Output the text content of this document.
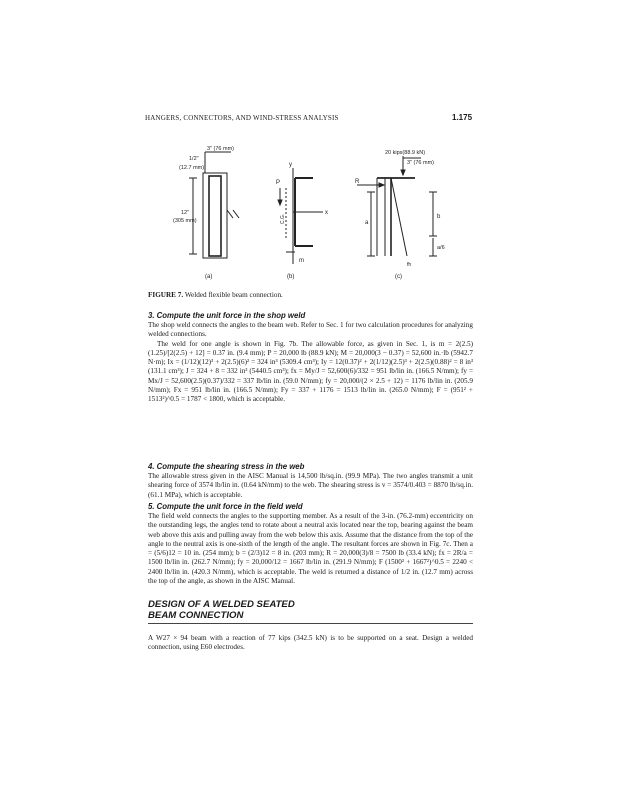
HANGERS, CONNECTORS, AND WIND-STRESS ANALYSIS	1.175
3" (76 mm)
1/2"
(12.7 mm)
12"
(305 mm)
P
y
x
C.G.
m
20 kips(88.9 kN)
3" (76 mm)
R
a
b
a/6
fh
(a)	(b)	(c)
FIGURE 7. Welded flexible beam connection.
3. Compute the unit force in the shop weld

The shop weld connects the angles to the beam web. Refer to Sec. 1 for two calculation procedures for analyzing welded connections.

The weld for one angle is shown in Fig. 7b. The allowable force, as given in Sec. 1, is m = 2(2.5)(1.25)/[2(2.5) + 12] = 0.37 in. (9.4 mm); P = 20,000 lb (88.9 kN); M = 20,000(3 − 0.37) = 52,600 in.·lb (5942.7 N·m); Ix = (1/12)(12)³ + 2(2.5)(6)² = 324 in³ (5309.4 cm³); Iy = 12(0.37)² + 2(1/12)(2.5)³ + 2(2.5)(0.88)² = 8 in³ (131.1 cm³); J = 324 + 8 = 332 in³ (5440.5 cm³); fx = My/J = 52,600(6)/332 = 951 lb/lin in. (166.5 N/mm); fy = Mx/J = 52,600(2.5)(0.37)/332 = 337 lb/lin in. (59.0 N/mm); fy = 20,000/(2 × 2.5 + 12) = 1176 lb/lin in. (205.9 N/mm); Fx = 951 lb/lin in. (166.5 N/mm); Fy = 337 + 1176 = 1513 lb/lin in. (265.0 N/mm); F = (951² + 1513²)^0.5 = 1787 < 1800, which is acceptable.

4. Compute the shearing stress in the web

The allowable stress given in the AISC Manual is 14,500 lb/sq.in. (99.9 MPa). The two angles transmit a unit shearing force of 3574 lb/lin in. (0.64 kN/mm) to the web. The shearing stress is v = 3574/0.403 = 8870 lb/sq.in. (61.1 MPa), which is acceptable.

5. Compute the unit force in the field weld

The field weld connects the angles to the supporting member. As a result of the 3-in. (76.2-mm) eccentricity on the outstanding legs, the angles tend to rotate about a neutral axis located near the top, bearing against the beam web above this axis and pulling away from the web below this axis. Assume that the distance from the top of the angle to the neutral axis is one-sixth of the length of the angle. The resultant forces are shown in Fig. 7c. Then a = (5/6)12 = 10 in. (254 mm); b = (2/3)12 = 8 in. (203 mm); R = 20,000(3)/8 = 7500 lb (33.4 kN); fx = 2R/a = 1500 lb/lin in. (262.7 N/mm); fy = 20,000/12 = 1667 lb/lin in. (291.9 N/mm); F (1500² + 1667²)^0.5 = 2240 < 2400 lb/lin in. (420.3 N/mm), which is acceptable. The weld is returned a distance of 1/2 in. (12.7 mm) across the top of the angle, as shown in the AISC Manual.

DESIGN OF A WELDED SEATED
BEAM CONNECTION

A W27 × 94 beam with a reaction of 77 kips (342.5 kN) is to be supported on a seat. Design a welded connection, using E60 electrodes.
